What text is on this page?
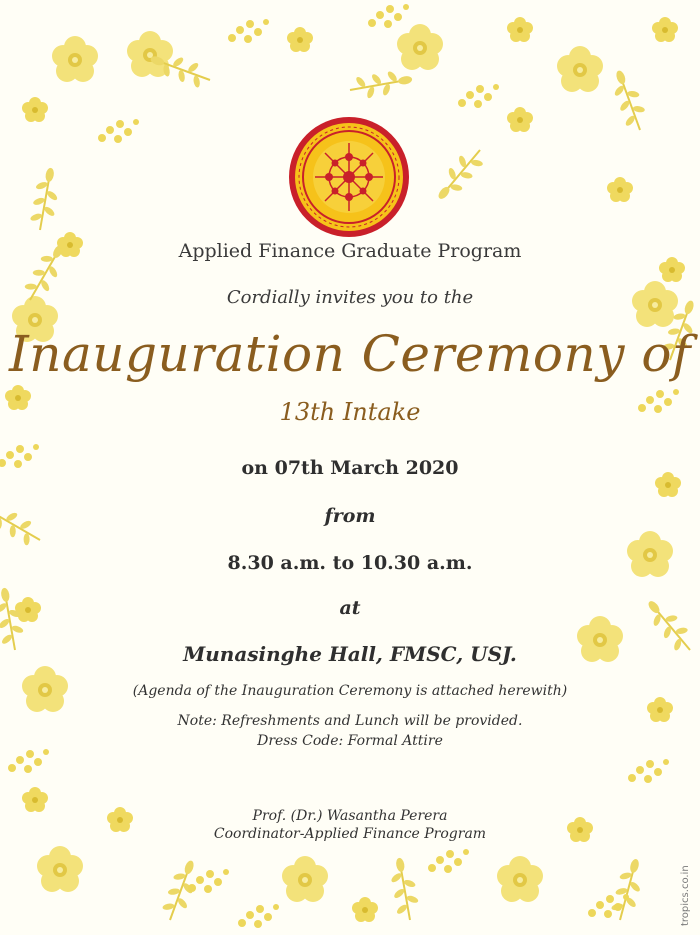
Applied Finance Graduate Program
Cordially invites you to the
Inauguration Ceremony of
13th Intake
on 07th March 2020
from
8.30 a.m. to 10.30 a.m.
at
Munasinghe Hall, FMSC, USJ.
(Agenda of the Inauguration Ceremony is attached herewith)
Note: Refreshments and Lunch will be provided.
Dress Code: Formal Attire
Prof. (Dr.) Wasantha Perera
Coordinator-Applied Finance Program
tropics.co.in
